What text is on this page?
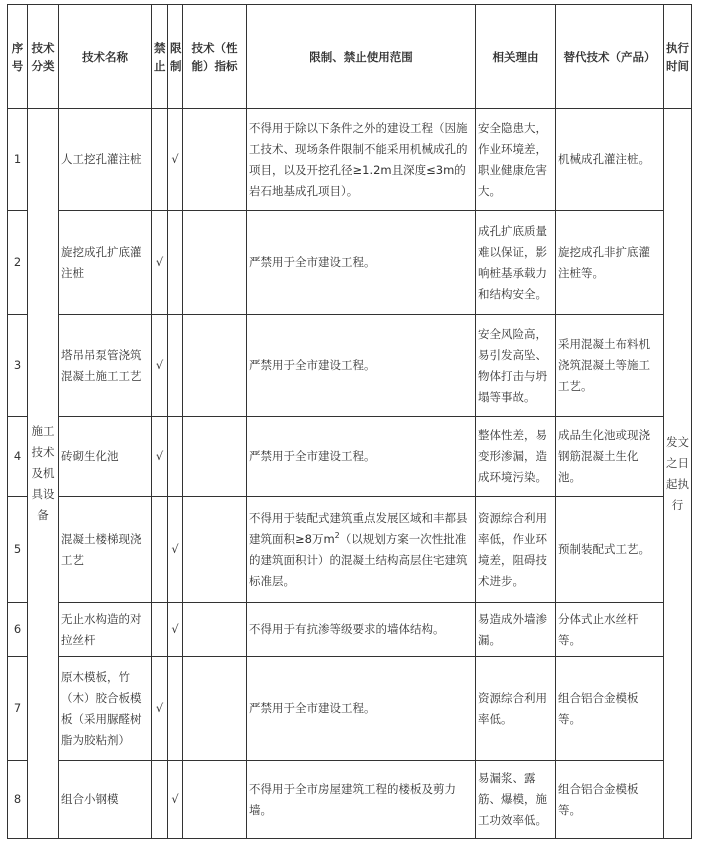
序号	技术分类	技术名称	禁止	限制	技术（性能）指标	限制、禁止使用范围	相关理由	替代技术（产品）	执行时间
1	施工技术及机具设备	人工挖孔灌注桩		√		不得用于除以下条件之外的建设工程（因施工技术、现场条件限制不能采用机械成孔的项目，以及开挖孔径≥1.2m且深度≤3m的岩石地基成孔项目）。	安全隐患大，作业环境差，职业健康危害大。	机械成孔灌注桩。	发文之日起执行
2		旋挖成孔扩底灌注桩	√			严禁用于全市建设工程。	成孔扩底质量难以保证，影响桩基承载力和结构安全。	旋挖成孔非扩底灌注桩等。	
3		塔吊吊泵管浇筑混凝土施工工艺	√			严禁用于全市建设工程。	安全风险高，易引发高坠、物体打击与坍塌等事故。	采用混凝土布料机浇筑混凝土等施工工艺。	
4		砖砌生化池	√			严禁用于全市建设工程。	整体性差，易变形渗漏，造成环境污染。	成品生化池或现浇钢筋混凝土生化池。	
5		混凝土楼梯现浇工艺		√		不得用于装配式建筑重点发展区域和丰都县建筑面积≥8万$m^2$（以规划方案一次性批准的建筑面积计）的混凝土结构高层住宅建筑标准层。	资源综合利用率低，作业环境差，阻碍技术进步。	预制装配式工艺。	
6		无止水构造的对拉丝杆		√		不得用于有抗渗等级要求的墙体结构。	易造成外墙渗漏。	分体式止水丝杆等。	
7		原木模板，竹（木）胶合板模板（采用脲醛树脂为胶粘剂）	√			严禁用于全市建设工程。	资源综合利用率低。	组合铝合金模板等。	
8		组合小钢模		√		不得用于全市房屋建筑工程的楼板及剪力墙。	易漏浆、露筋、爆模，施工功效率低。	组合铝合金模板等。	
